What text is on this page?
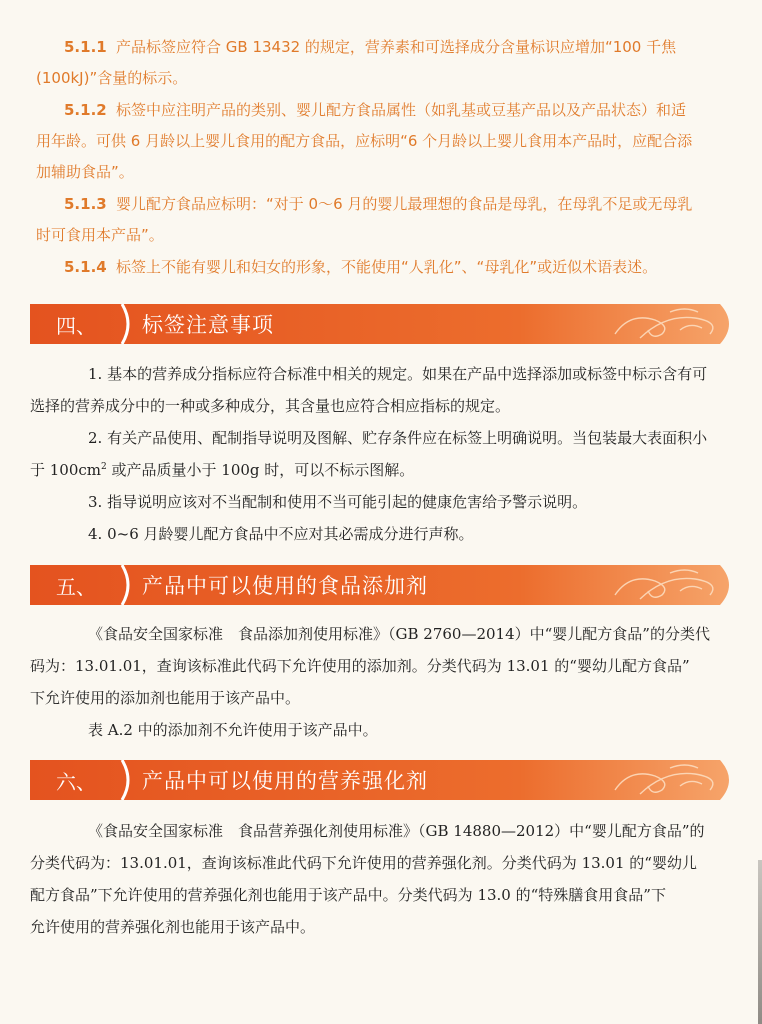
5.1.1 产品标签应符合 GB 13432 的规定，营养素和可选择成分含量标识应增加“100 千焦
(100kJ)”含量的标示。
5.1.2 标签中应注明产品的类别、婴儿配方食品属性（如乳基或豆基产品以及产品状态）和适
用年龄。可供 6 月龄以上婴儿食用的配方食品，应标明“6 个月龄以上婴儿食用本产品时，应配合添
加辅助食品”。
5.1.3 婴儿配方食品应标明：“对于 0～6 月的婴儿最理想的食品是母乳，在母乳不足或无母乳
时可食用本产品”。
5.1.4 标签上不能有婴儿和妇女的形象，不能使用“人乳化”、“母乳化”或近似术语表述。
四、	标签注意事项

1. 基本的营养成分指标应符合标准中相关的规定。如果在产品中选择添加或标签中标示含有可

选择的营养成分中的一种或多种成分，其含量也应符合相应指标的规定。

2. 有关产品使用、配制指导说明及图解、贮存条件应在标签上明确说明。当包装最大表面积小

于 $100cm^2$ 或产品质量小于 100g 时，可以不标示图解。

3. 指导说明应该对不当配制和使用不当可能引起的健康危害给予警示说明。

4. 0~6 月龄婴儿配方食品中不应对其必需成分进行声称。

五、	产品中可以使用的食品添加剂

《食品安全国家标准　食品添加剂使用标准》（GB 2760—2014）中“婴儿配方食品”的分类代

码为：13.01.01，查询该标准此代码下允许使用的添加剂。分类代码为 13.01 的“婴幼儿配方食品”

下允许使用的添加剂也能用于该产品中。

表 A.2 中的添加剂不允许使用于该产品中。

六、	产品中可以使用的营养强化剂

《食品安全国家标准　食品营养强化剂使用标准》（GB 14880—2012）中“婴儿配方食品”的

分类代码为：13.01.01，查询该标准此代码下允许使用的营养强化剂。分类代码为 13.01 的“婴幼儿

配方食品”下允许使用的营养强化剂也能用于该产品中。分类代码为 13.0 的“特殊膳食用食品”下

允许使用的营养强化剂也能用于该产品中。
